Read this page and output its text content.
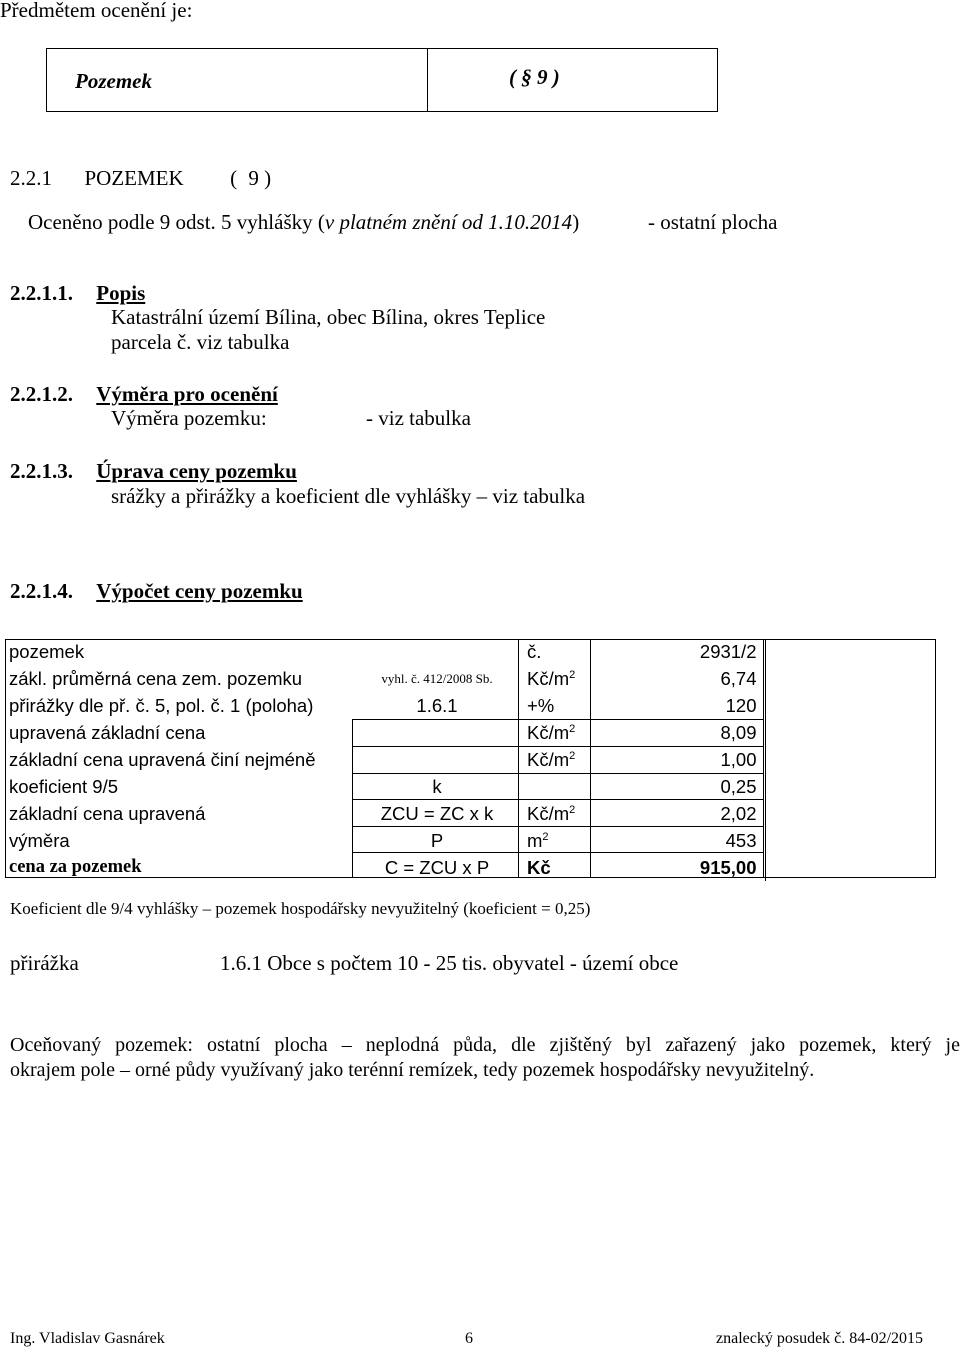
Předmětem ocenění je:
Pozemek	( § 9 )
2.2.1 POZEMEK ( 9 )
Oceněno podle 9 odst. 5 vyhlášky (v platném znění od 1.10.2014)	- ostatní plocha
2.2.1.1. Popis
Katastrální území Bílina, obec Bílina, okres Teplice
parcela č. viz tabulka
2.2.1.2. Výměra pro ocenění
Výměra pozemku:	- viz tabulka
2.2.1.3. Úprava ceny pozemku
srážky a přirážky a koeficient dle vyhlášky – viz tabulka
2.2.1.4. Výpočet ceny pozemku
pozemek		č.	2931/2	
zákl. průměrná cena zem. pozemku	vyhl. č. 412/2008 Sb.	$Kč/m^2$	6,74	
přirážky dle př. č. 5, pol. č. 1 (poloha)	1.6.1	+%	120	
upravená základní cena		$Kč/m^2$	8,09	
základní cena upravená činí nejméně		$Kč/m^2$	1,00	
koeficient 9/5	k		0,25	
základní cena upravená	ZCU = ZC x k	$Kč/m^2$	2,02	
výměra	P	$m^2$	453	
cena za pozemek	C = ZCU x P	Kč	915,00	
Koeficient dle 9/4 vyhlášky – pozemek hospodářsky nevyužitelný (koeficient = 0,25)
přirážka	1.6.1 Obce s počtem 10 - 25 tis. obyvatel - území obce
Oceňovaný pozemek: ostatní plocha – neplodná půda, dle zjištěný byl zařazený jako pozemek, který je
okrajem pole – orné půdy využívaný jako terénní remízek, tedy pozemek hospodářsky nevyužitelný.
Ing. Vladislav Gasnárek	6	znalecký posudek č. 84-02/2015
